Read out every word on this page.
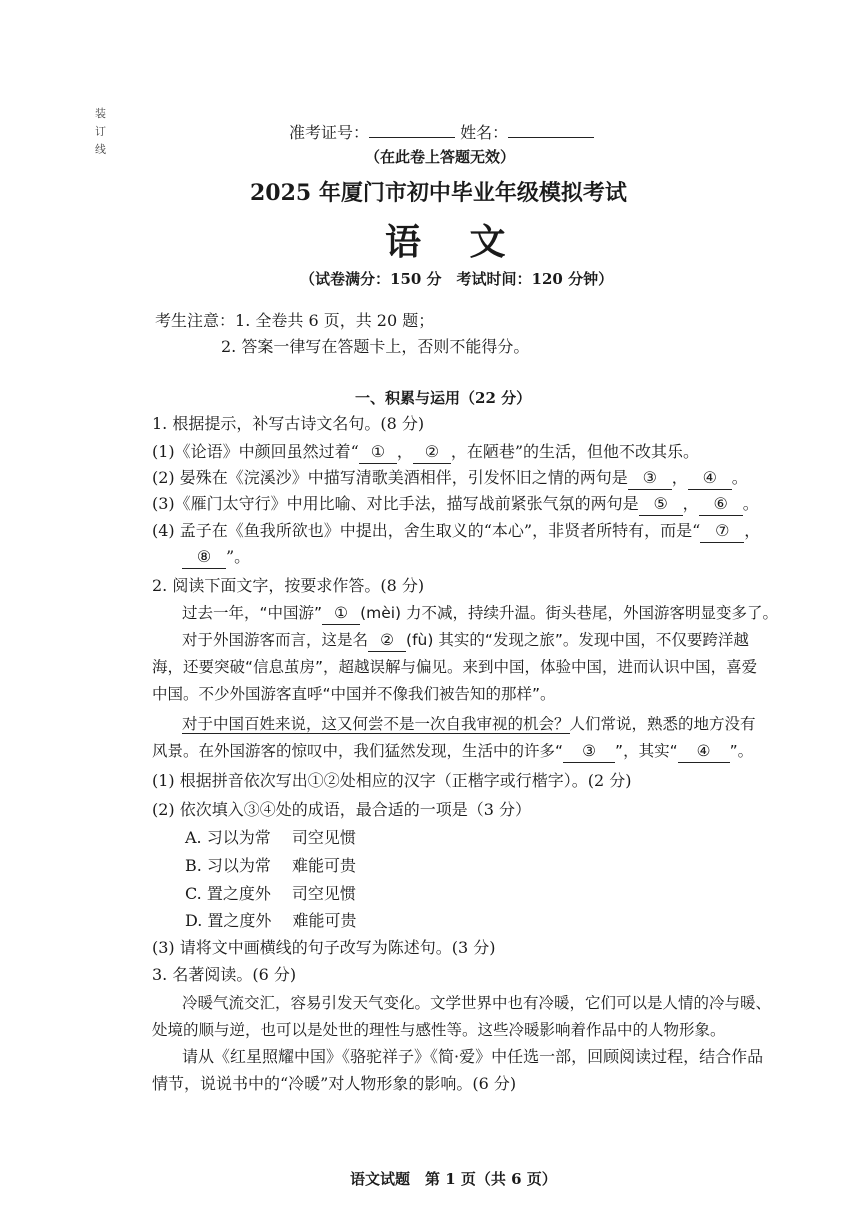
装订线
准考证号：	姓名：
（在此卷上答题无效）
2025 年厦门市初中毕业年级模拟考试
语 文
（试卷满分：150 分　考试时间：120 分钟）
考生注意：1. 全卷共 6 页，共 20 题；
2. 答案一律写在答题卡上，否则不能得分。
一、积累与运用（22 分）
1. 根据提示，补写古诗文名句。(8 分)
(1)《论语》中颜回虽然过着“ ① ， ② ，在陋巷”的生活，但他不改其乐。
(2) 晏殊在《浣溪沙》中描写清歌美酒相伴，引发怀旧之情的两句是 ③ ， ④ 。
(3)《雁门太守行》中用比喻、对比手法，描写战前紧张气氛的两句是 ⑤ ， ⑥ 。
(4) 孟子在《鱼我所欲也》中提出，舍生取义的“本心”，非贤者所特有，而是“ ⑦ ，
⑧ ”。
2. 阅读下面文字，按要求作答。(8 分)
过去一年，“中国游” ① (mèi) 力不减，持续升温。街头巷尾，外国游客明显变多了。
对于外国游客而言，这是名 ② (fù) 其实的“发现之旅”。发现中国，不仅要跨洋越
海，还要突破“信息茧房”，超越误解与偏见。来到中国，体验中国，进而认识中国，喜爱
中国。不少外国游客直呼“中国并不像我们被告知的那样”。
对于中国百姓来说，这又何尝不是一次自我审视的机会？人们常说，熟悉的地方没有
风景。在外国游客的惊叹中，我们猛然发现，生活中的许多“ ③ ”，其实“ ④ ”。
(1) 根据拼音依次写出①②处相应的汉字（正楷字或行楷字）。(2 分)
(2) 依次填入③④处的成语，最合适的一项是（3 分）
A. 习以为常　 司空见惯
B. 习以为常　 难能可贵
C. 置之度外　 司空见惯
D. 置之度外　 难能可贵
(3) 请将文中画横线的句子改写为陈述句。(3 分)
3. 名著阅读。(6 分)
冷暖气流交汇，容易引发天气变化。文学世界中也有冷暖，它们可以是人情的冷与暖、
处境的顺与逆，也可以是处世的理性与感性等。这些冷暖影响着作品中的人物形象。
请从《红星照耀中国》《骆驼祥子》《简·爱》中任选一部，回顾阅读过程，结合作品
情节，说说书中的“冷暖”对人物形象的影响。(6 分)
语文试题　第 1 页（共 6 页）
